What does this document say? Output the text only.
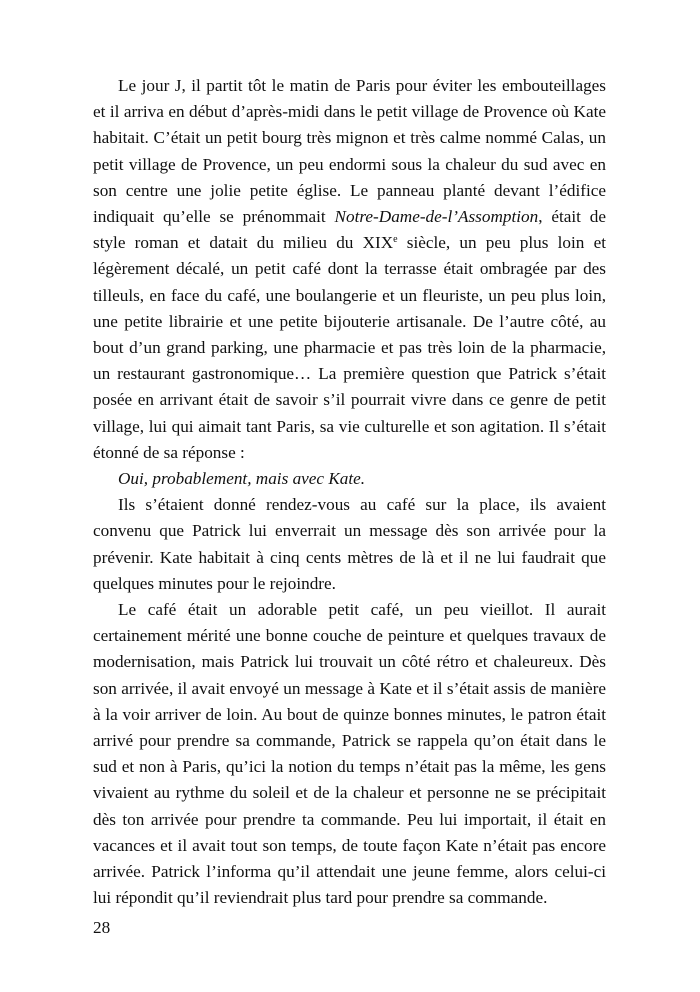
Le jour J, il partit tôt le matin de Paris pour éviter les embouteillages et il arriva en début d’après-midi dans le petit village de Provence où Kate habitait. C’était un petit bourg très mignon et très calme nommé Calas, un petit village de Provence, un peu endormi sous la chaleur du sud avec en son centre une jolie petite église. Le panneau planté devant l’édifice indiquait qu’elle se prénommait Notre-Dame-de-l’Assomption, était de style roman et datait du milieu du XIXe siècle, un peu plus loin et légèrement décalé, un petit café dont la terrasse était ombragée par des tilleuls, en face du café, une boulangerie et un fleuriste, un peu plus loin, une petite librairie et une petite bijouterie artisanale. De l’autre côté, au bout d’un grand parking, une pharmacie et pas très loin de la pharmacie, un restaurant gastronomique… La première question que Patrick s’était posée en arrivant était de savoir s’il pourrait vivre dans ce genre de petit village, lui qui aimait tant Paris, sa vie culturelle et son agitation. Il s’était étonné de sa réponse :

Oui, probablement, mais avec Kate.

Ils s’étaient donné rendez-vous au café sur la place, ils avaient convenu que Patrick lui enverrait un message dès son arrivée pour la prévenir. Kate habitait à cinq cents mètres de là et il ne lui faudrait que quelques minutes pour le rejoindre.

Le café était un adorable petit café, un peu vieillot. Il aurait certainement mérité une bonne couche de peinture et quelques travaux de modernisation, mais Patrick lui trouvait un côté rétro et chaleureux. Dès son arrivée, il avait envoyé un message à Kate et il s’était assis de manière à la voir arriver de loin. Au bout de quinze bonnes minutes, le patron était arrivé pour prendre sa commande, Patrick se rappela qu’on était dans le sud et non à Paris, qu’ici la notion du temps n’était pas la même, les gens vivaient au rythme du soleil et de la chaleur et personne ne se précipitait dès ton arrivée pour prendre ta commande. Peu lui importait, il était en vacances et il avait tout son temps, de toute façon Kate n’était pas encore arrivée. Patrick l’informa qu’il attendait une jeune femme, alors celui-ci lui répondit qu’il reviendrait plus tard pour prendre sa commande.

28
